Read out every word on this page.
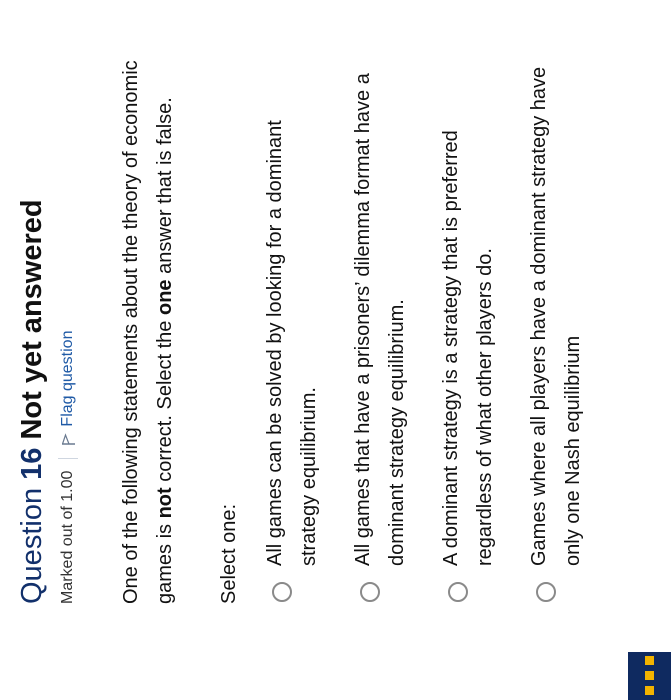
Question 16 Not yet answered
Marked out of 1.00
Flag question	One of the following statements about the theory of economic games is not correct. Select the one answer that is false.

Select one:	All games can be solved by looking for a dominant strategy equilibrium.	All games that have a prisoners’ dilemma format have a dominant strategy equilibrium.	A dominant strategy is a strategy that is preferred regardless of what other players do.	Games where all players have a dominant strategy have only one Nash equilibrium
